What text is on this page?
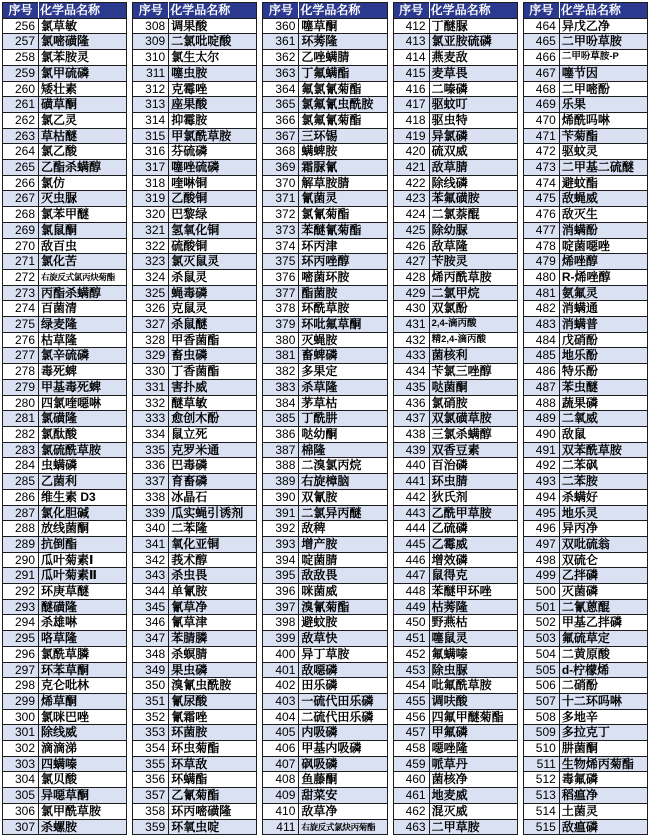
序号	化学品名称
256	氯草敏
257	氯嘧磺隆
258	氯苯胺灵
259	氯甲硫磷
260	矮壮素
261	磺草酮
262	氯乙灵
263	草枯醚
264	氯乙酸
265	乙酯杀螨醇
266	氯仿
267	灭虫脲
268	氯苯甲醚
269	氯鼠酮
270	敌百虫
271	氯化苦
272	右旋反式氯丙炔菊酯
273	丙酯杀螨醇
274	百菌清
275	绿麦隆
276	枯草隆
277	氯辛硫磷
278	毒死蜱
279	甲基毒死蜱
280	四氯喹噁啉
281	氯磺隆
282	氯酞酸
283	氯硫酰草胺
284	虫螨磷
285	乙菌利
286	维生素 D3
287	氯化胆碱
288	放线菌酮
289	抗倒酯
290	瓜叶菊素Ⅰ
291	瓜叶菊素Ⅱ
292	环庚草醚
293	醚磺隆
294	杀雄啉
295	咯草隆
296	氯酰草膦
297	环苯草酮
298	克仑吡林
299	烯草酮
300	氯咪巴唑
301	除线威
302	滴滴涕
303	四螨嗪
304	氯贝酸
305	异噁草酮
306	氯甲酰草胺
307	杀螺胺
序号	化学品名称
308	调果酸
309	二氯吡啶酸
310	氯生太尔
311	噻虫胺
312	克霉唑
313	座果酸
314	抑霉胺
315	甲氯酰草胺
316	芬硫磷
317	噻唑硫磷
318	喹啉铜
319	乙酸铜
320	巴黎绿
321	氢氧化铜
322	硫酸铜
323	氯灭鼠灵
324	杀鼠灵
325	蝇毒磷
326	克鼠灵
327	杀鼠醚
328	甲香菌酯
329	畜虫磷
330	丁香菌酯
331	害扑威
332	醚草敏
333	愈创木酚
334	鼠立死
335	克罗米通
336	巴毒磷
337	育畜磷
338	冰晶石
339	瓜实蝇引诱剂
340	二苯隆
341	氧化亚铜
342	莪术醇
343	杀虫畏
344	单氰胺
345	氰草净
346	氰草津
347	苯腈膦
348	杀螟腈
349	果虫磷
350	溴氰虫酰胺
351	氰尿酸
352	氰霜唑
353	环菌胺
354	环虫菊酯
355	环草敌
356	环螨酯
357	乙氰菊酯
358	环丙嘧磺隆
359	环氧虫啶
序号	化学品名称
360	噻草酮
361	环莠隆
362	乙唑螨腈
363	丁氟螨酯
364	氟氯氰菊酯
365	氯氟氰虫酰胺
366	氯氟氰菊酯
367	三环锡
368	螨蜱胺
369	霜脲氰
370	解草胺腈
371	氰菌灵
372	氯氰菊酯
373	苯醚氰菊酯
374	环丙津
375	环丙唑醇
376	嘧菌环胺
377	酯菌胺
378	环酰草胺
379	环吡氟草酮
380	灭蝇胺
381	畜蜱磷
382	多果定
383	杀草隆
384	茅草枯
385	丁酰肼
386	哒幼酮
387	棉隆
388	二溴氯丙烷
389	右旋樟脑
390	双氰胺
391	二氯异丙醚
392	敌稗
393	增产胺
394	啶菌腈
395	敌敌畏
396	咪菌威
397	溴氰菊酯
398	避蚊胺
399	敌草快
400	异丁草胺
401	敌噁磷
402	田乐磷
403	一硫代田乐磷
404	二硫代田乐磷
405	内吸磷
406	甲基内吸磷
407	砜吸磷
408	鱼藤酮
409	甜菜安
410	敌草净
411	右旋反式氯炔丙菊酯
序号	化学品名称
412	丁醚脲
413	氯亚胺硫磷
414	燕麦敌
415	麦草畏
416	二嗪磷
417	驱蚊叮
418	驱虫特
419	异氯磷
420	硫双威
421	敌草腈
422	除线磷
423	苯氟磺胺
424	二氯萘醌
425	除幼脲
426	敌草隆
427	苄胺灵
428	烯丙酰草胺
429	二氯甲烷
430	双氯酚
431	2,4-滴丙酸
432	精2,4-滴丙酸
433	菌核利
434	苄氯三唑醇
435	哒菌酮
436	氯硝胺
437	双氯磺草胺
438	三氯杀螨醇
439	双香豆素
440	百治磷
441	环虫腈
442	狄氏剂
443	乙酰甲草胺
444	乙硫磷
445	乙霉威
446	增效磷
447	鼠得克
448	苯醚甲环唑
449	枯莠隆
450	野燕枯
451	噻鼠灵
452	氟螨嗪
453	除虫脲
454	吡氟酰草胺
455	调呋酸
456	四氟甲醚菊酯
457	甲氟磷
458	噁唑隆
459	哌草丹
460	菌核净
461	地麦威
462	混灭威
463	二甲草胺
序号	化学品名称
464	异戊乙净
465	二甲吩草胺
466	二甲吩草胺-P
467	噻节因
468	二甲嘧酚
469	乐果
470	烯酰吗啉
471	苄菊酯
472	驱蚊灵
473	二甲基二硫醚
474	避蚊酯
475	敌蝇威
476	敌灭生
477	消螨酚
478	啶菌噁唑
479	烯唑醇
480	R-烯唑醇
481	氨氟灵
482	消螨通
483	消螨普
484	戊硝酚
485	地乐酚
486	特乐酚
487	苯虫醚
488	蔬果磷
489	二氧威
490	敌鼠
491	双苯酰草胺
492	二苯砜
493	二苯胺
494	杀螨好
495	地乐灵
496	异丙净
497	双吡硫翁
498	双硫仑
499	乙拌磷
500	灭菌磷
501	二氰蒽醌
502	甲基乙拌磷
503	氟硫草定
504	二黄原酸
505	d-柠檬烯
506	二硝酚
507	十二环吗啉
508	多地辛
509	多拉克丁
510	肼菌酮
511	生物烯丙菊酯
512	毒氟磷
513	稻瘟净
514	土菌灵
515	敌瘟磷
